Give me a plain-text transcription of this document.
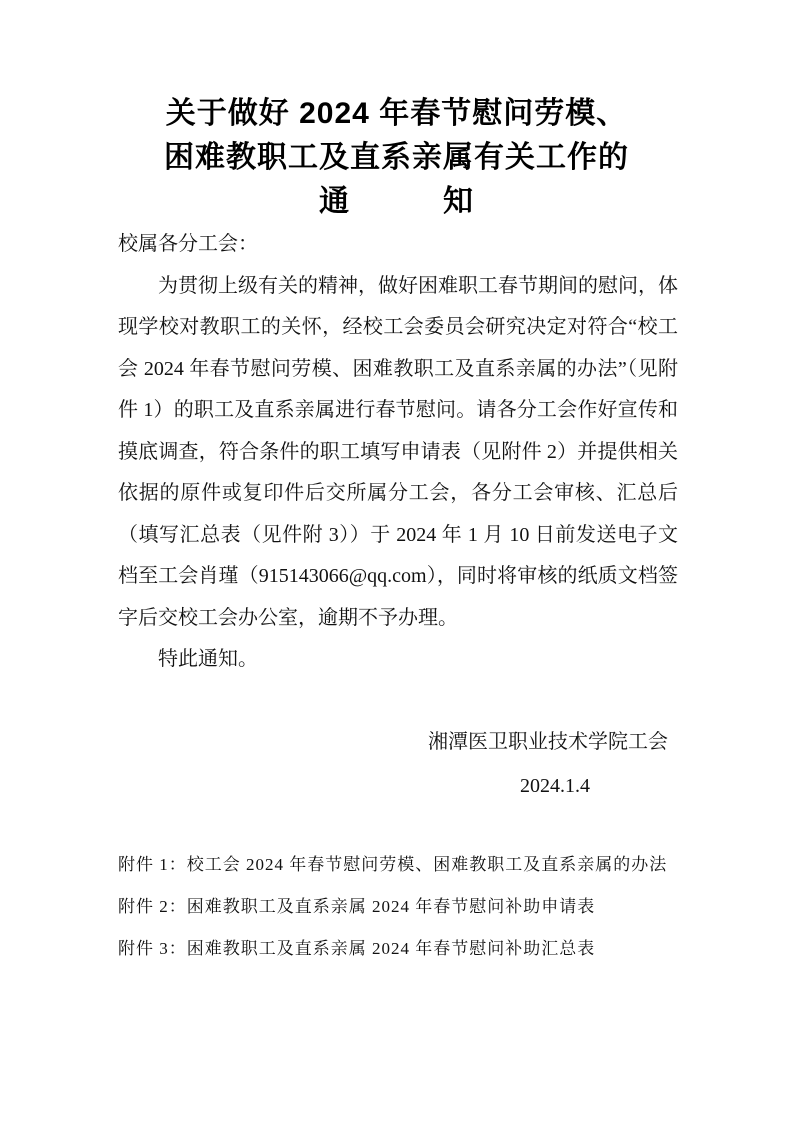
关于做好 2024 年春节慰问劳模、
困难教职工及直系亲属有关工作的
通　　　知

校属各分工会：

为贯彻上级有关的精神，做好困难职工春节期间的慰问，体现学校对教职工的关怀，经校工会委员会研究决定对符合“校工会 2024 年春节慰问劳模、困难教职工及直系亲属的办法”（见附件 1）的职工及直系亲属进行春节慰问。请各分工会作好宣传和摸底调查，符合条件的职工填写申请表（见附件 2）并提供相关依据的原件或复印件后交所属分工会，各分工会审核、汇总后（填写汇总表（见件附 3））于 2024 年 1 月 10 日前发送电子文档至工会肖瑾（915143066@qq.com），同时将审核的纸质文档签字后交校工会办公室，逾期不予办理。

特此通知。

湘潭医卫职业技术学院工会
2024.1.4

附件 1：校工会 2024 年春节慰问劳模、困难教职工及直系亲属的办法

附件 2：困难教职工及直系亲属 2024 年春节慰问补助申请表

附件 3：困难教职工及直系亲属 2024 年春节慰问补助汇总表
